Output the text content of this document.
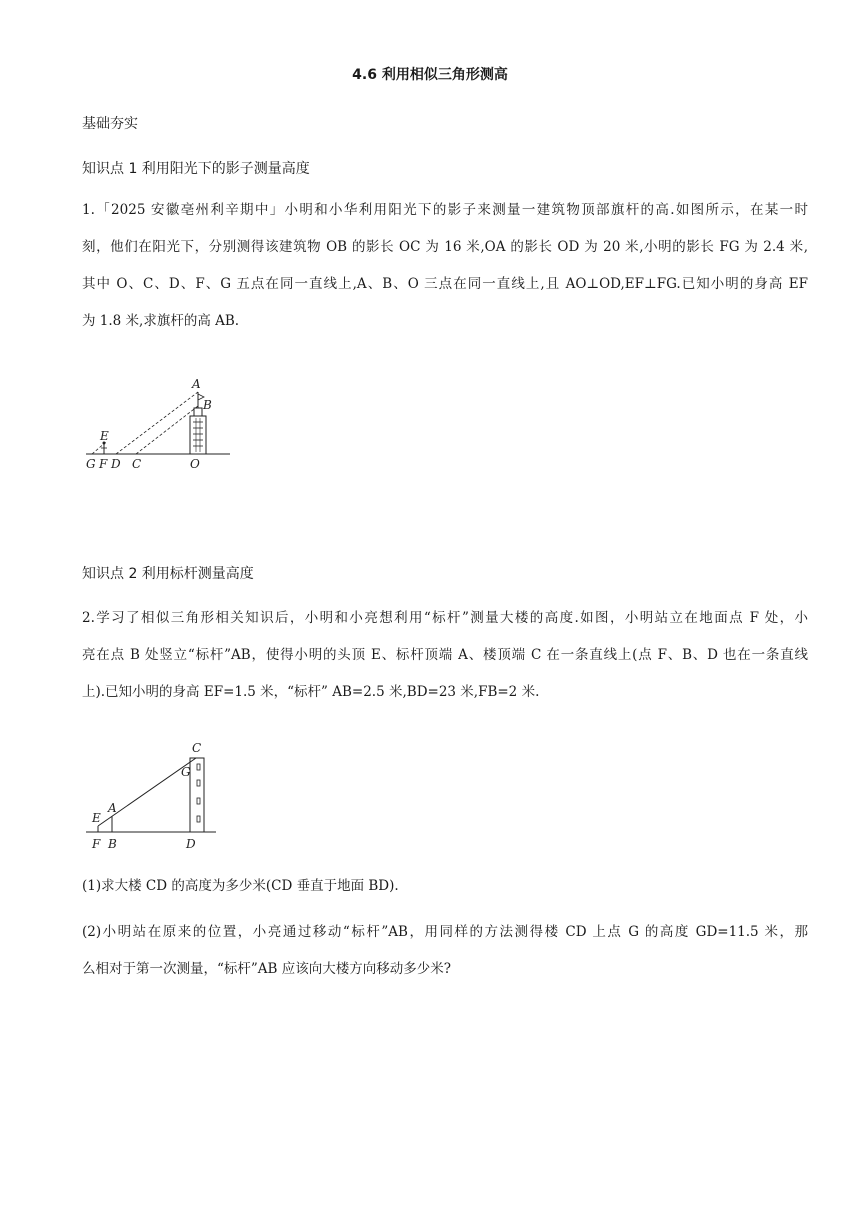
4.6 利用相似三角形测高
基础夯实
知识点 1 利用阳光下的影子测量高度
1.「2025 安徽亳州利辛期中」小明和小华利用阳光下的影子来测量一建筑物顶部旗杆的高.如图所示，在某一时
刻，他们在阳光下，分别测得该建筑物 OB 的影长 OC 为 16 米,OA 的影长 OD 为 20 米,小明的影长 FG 为 2.4 米,
其中 O、C、D、F、G 五点在同一直线上,A、B、O 三点在同一直线上,且 AO⊥OD,EF⊥FG.已知小明的身高 EF
为 1.8 米,求旗杆的高 AB.
A
B
E
G F D C	O
知识点 2 利用标杆测量高度
2.学习了相似三角形相关知识后，小明和小亮想利用“标杆”测量大楼的高度.如图，小明站立在地面点 F 处，小
亮在点 B 处竖立“标杆”AB，使得小明的头顶 E、标杆顶端 A、楼顶端 C 在一条直线上(点 F、B、D 也在一条直线
上).已知小明的身高 EF=1.5 米，“标杆” AB=2.5 米,BD=23 米,FB=2 米.
C
G
A
E
F B	D
(1)求大楼 CD 的高度为多少米(CD 垂直于地面 BD).
(2)小明站在原来的位置，小亮通过移动“标杆”AB，用同样的方法测得楼 CD 上点 G 的高度 GD=11.5 米，那
么相对于第一次测量，“标杆”AB 应该向大楼方向移动多少米?
